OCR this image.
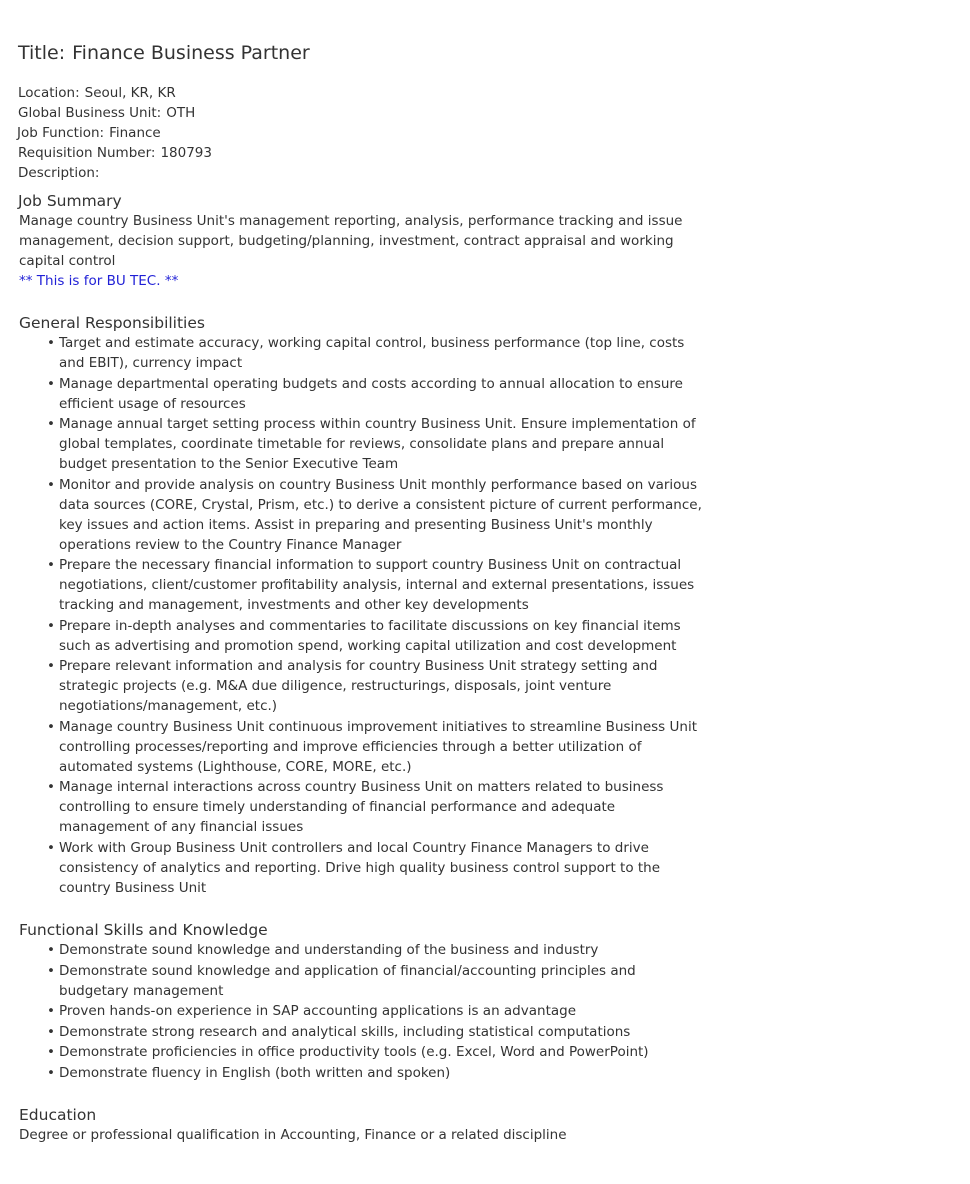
Title: Finance Business Partner
Location: Seoul, KR, KR
Global Business Unit: OTH
Job Function: Finance
Requisition Number: 180793
Description:
Job Summary
Manage country Business Unit's management reporting, analysis, performance tracking and issue management, decision support, budgeting/planning, investment, contract appraisal and working capital control
** This is for BU TEC. **
General Responsibilities
• Target and estimate accuracy, working capital control, business performance (top line, costs and EBIT), currency impact
• Manage departmental operating budgets and costs according to annual allocation to ensure efficient usage of resources
• Manage annual target setting process within country Business Unit. Ensure implementation of global templates, coordinate timetable for reviews, consolidate plans and prepare annual budget presentation to the Senior Executive Team
• Monitor and provide analysis on country Business Unit monthly performance based on various data sources (CORE, Crystal, Prism, etc.) to derive a consistent picture of current performance, key issues and action items. Assist in preparing and presenting Business Unit's monthly operations review to the Country Finance Manager
• Prepare the necessary financial information to support country Business Unit on contractual negotiations, client/customer profitability analysis, internal and external presentations, issues tracking and management, investments and other key developments
• Prepare in-depth analyses and commentaries to facilitate discussions on key financial items such as advertising and promotion spend, working capital utilization and cost development
• Prepare relevant information and analysis for country Business Unit strategy setting and strategic projects (e.g. M&A due diligence, restructurings, disposals, joint venture negotiations/management, etc.)
• Manage country Business Unit continuous improvement initiatives to streamline Business Unit controlling processes/reporting and improve efficiencies through a better utilization of automated systems (Lighthouse, CORE, MORE, etc.)
• Manage internal interactions across country Business Unit on matters related to business controlling to ensure timely understanding of financial performance and adequate management of any financial issues
• Work with Group Business Unit controllers and local Country Finance Managers to drive consistency of analytics and reporting. Drive high quality business control support to the country Business Unit
Functional Skills and Knowledge
• Demonstrate sound knowledge and understanding of the business and industry
• Demonstrate sound knowledge and application of financial/accounting principles and budgetary management
• Proven hands-on experience in SAP accounting applications is an advantage
• Demonstrate strong research and analytical skills, including statistical computations
• Demonstrate proficiencies in office productivity tools (e.g. Excel, Word and PowerPoint)
• Demonstrate fluency in English (both written and spoken)
Education
Degree or professional qualification in Accounting, Finance or a related discipline
